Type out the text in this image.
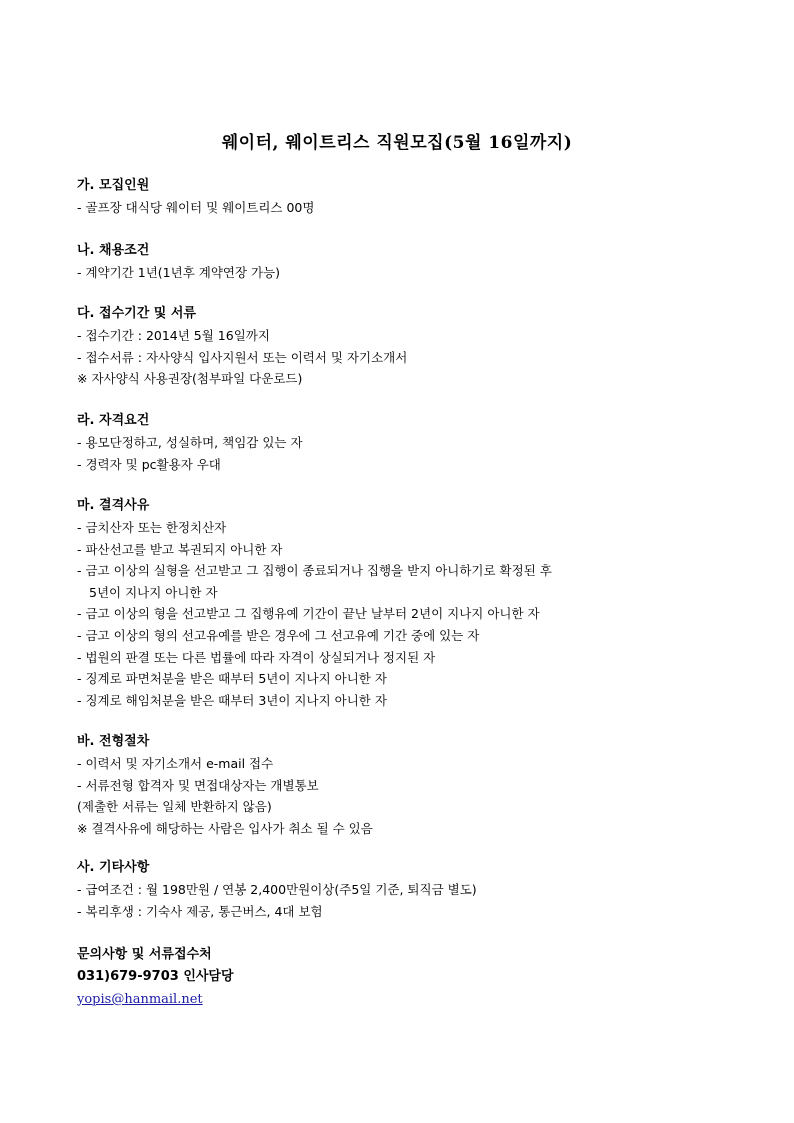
웨이터, 웨이트리스 직원모집(5월 16일까지)
가. 모집인원
- 골프장 대식당 웨이터 및 웨이트리스 00명
나. 채용조건
- 계약기간 1년(1년후 계약연장 가능)
다. 접수기간 및 서류
- 접수기간 : 2014년 5월 16일까지
- 접수서류 : 자사양식 입사지원서 또는 이력서 및 자기소개서
※ 자사양식 사용권장(첨부파일 다운로드)
라. 자격요건
- 용모단정하고, 성실하며, 책임감 있는 자
- 경력자 및 pc활용자 우대
마. 결격사유
- 금치산자 또는 한정치산자
- 파산선고를 받고 복권되지 아니한 자
- 금고 이상의 실형을 선고받고 그 집행이 종료되거나 집행을 받지 아니하기로 확정된 후
5년이 지나지 아니한 자
- 금고 이상의 형을 선고받고 그 집행유예 기간이 끝난 날부터 2년이 지나지 아니한 자
- 금고 이상의 형의 선고유예를 받은 경우에 그 선고유예 기간 중에 있는 자
- 법원의 판결 또는 다른 법률에 따라 자격이 상실되거나 정지된 자
- 징계로 파면처분을 받은 때부터 5년이 지나지 아니한 자
- 징계로 해임처분을 받은 때부터 3년이 지나지 아니한 자
바. 전형절차
- 이력서 및 자기소개서 e-mail 접수
- 서류전형 합격자 및 면접대상자는 개별통보
(제출한 서류는 일체 반환하지 않음)
※ 결격사유에 해당하는 사람은 입사가 취소 될 수 있음
사. 기타사항
- 급여조건 : 월 198만원 / 연봉 2,400만원이상(주5일 기준, 퇴직금 별도)
- 복리후생 : 기숙사 제공, 통근버스, 4대 보험
문의사항 및 서류접수처
031)679-9703 인사담당
yopis@hanmail.net
